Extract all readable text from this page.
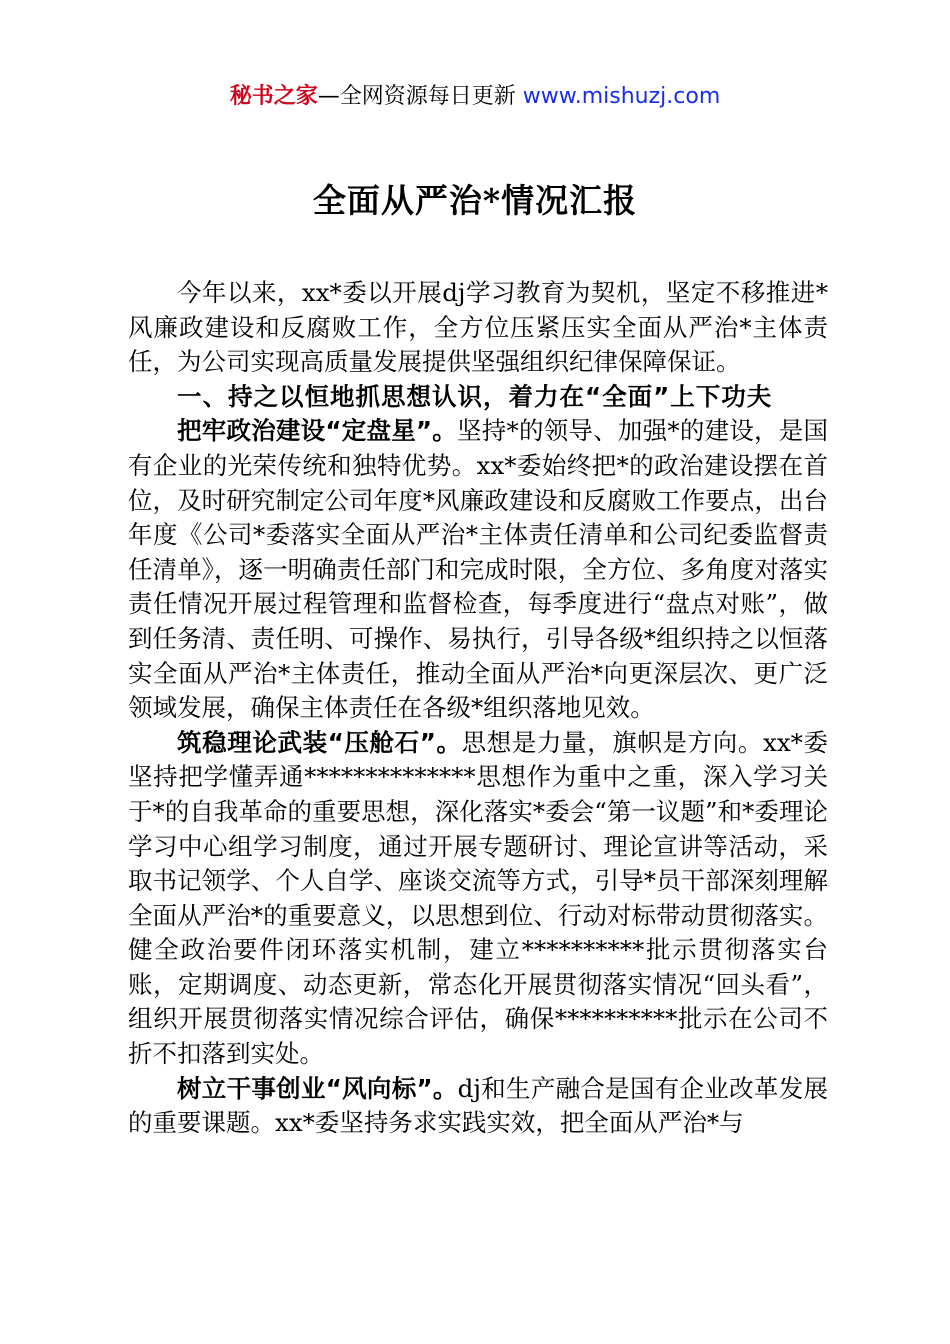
秘书之家—全网资源每日更新 www.mishuzj.com
全面从严治*情况汇报

今年以来，xx*委以开展dj学习教育为契机，坚定不移推进*风廉政建设和反腐败工作，全方位压紧压实全面从严治*主体责任，为公司实现高质量发展提供坚强组织纪律保障保证。

一、持之以恒地抓思想认识，着力在“全面”上下功夫

把牢政治建设“定盘星”。坚持*的领导、加强*的建设，是国有企业的光荣传统和独特优势。xx*委始终把*的政治建设摆在首位，及时研究制定公司年度*风廉政建设和反腐败工作要点，出台年度《公司*委落实全面从严治*主体责任清单和公司纪委监督责任清单》，逐一明确责任部门和完成时限，全方位、多角度对落实责任情况开展过程管理和监督检查，每季度进行“盘点对账”，做到任务清、责任明、可操作、易执行，引导各级*组织持之以恒落实全面从严治*主体责任，推动全面从严治*向更深层次、更广泛领域发展，确保主体责任在各级*组织落地见效。

筑稳理论武装“压舱石”。思想是力量，旗帜是方向。xx*委坚持把学懂弄通**************思想作为重中之重，深入学习关于*的自我革命的重要思想，深化落实*委会“第一议题”和*委理论学习中心组学习制度，通过开展专题研讨、理论宣讲等活动，采取书记领学、个人自学、座谈交流等方式，引导*员干部深刻理解全面从严治*的重要意义，以思想到位、行动对标带动贯彻落实。健全政治要件闭环落实机制，建立**********批示贯彻落实台账，定期调度、动态更新，常态化开展贯彻落实情况“回头看”，组织开展贯彻落实情况综合评估，确保**********批示在公司不折不扣落到实处。

树立干事创业“风向标”。dj和生产融合是国有企业改革发展的重要课题。xx*委坚持务求实践实效，把全面从严治*与
